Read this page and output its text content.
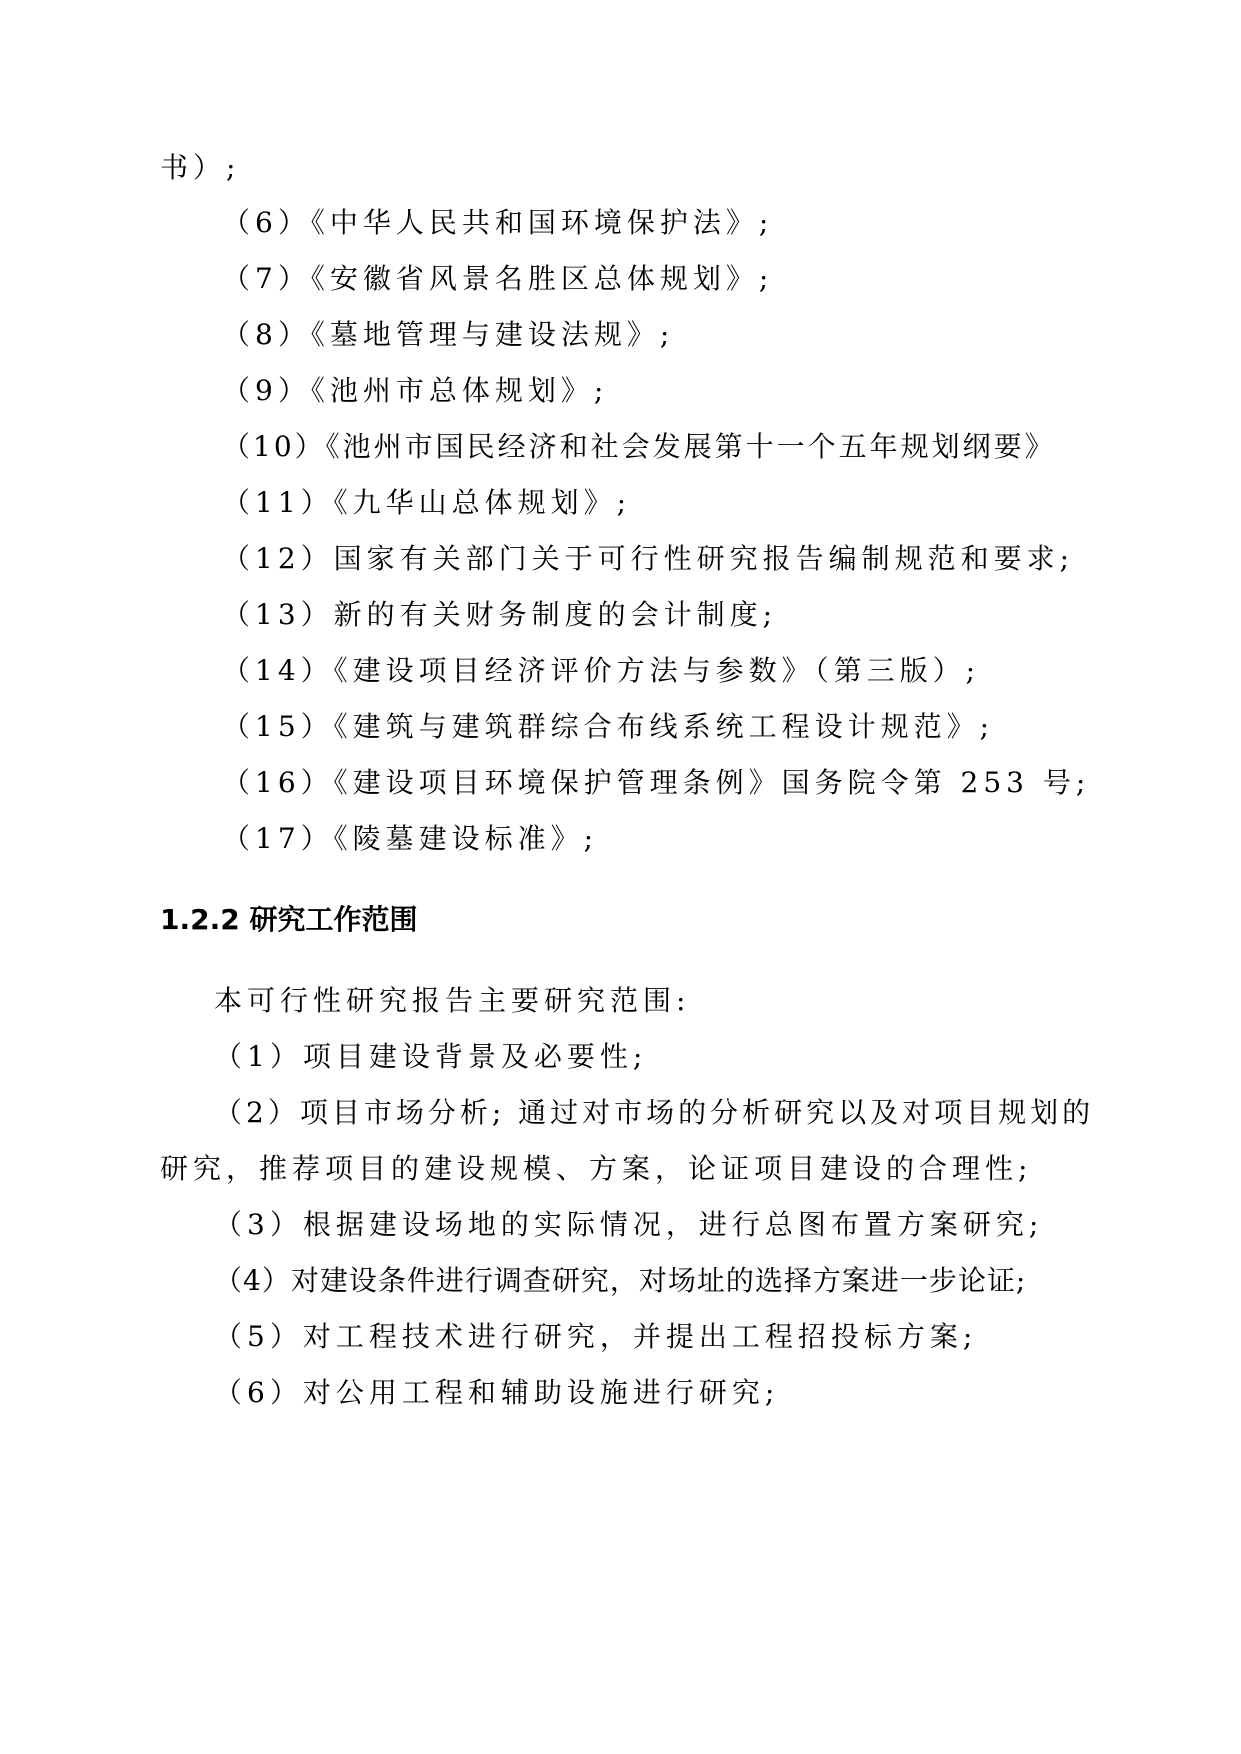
书）;
（6）《中华人民共和国环境保护法》;
（7）《安徽省风景名胜区总体规划》;
（8）《墓地管理与建设法规》;
（9）《池州市总体规划》;
（10）《池州市国民经济和社会发展第十一个五年规划纲要》
（11）《九华山总体规划》;
（12）国家有关部门关于可行性研究报告编制规范和要求;
（13）新的有关财务制度的会计制度;
（14）《建设项目经济评价方法与参数》（第三版）;
（15）《建筑与建筑群综合布线系统工程设计规范》;
（16）《建设项目环境保护管理条例》国务院令第 253 号;
（17）《陵墓建设标准》;
1.2.2 研究工作范围
本可行性研究报告主要研究范围:
（1）项目建设背景及必要性;
（2）项目市场分析; 通过对市场的分析研究以及对项目规划的
研究，推荐项目的建设规模、方案，论证项目建设的合理性;
（3）根据建设场地的实际情况，进行总图布置方案研究;
（4）对建设条件进行调查研究，对场址的选择方案进一步论证;
（5）对工程技术进行研究，并提出工程招投标方案;
（6）对公用工程和辅助设施进行研究;
